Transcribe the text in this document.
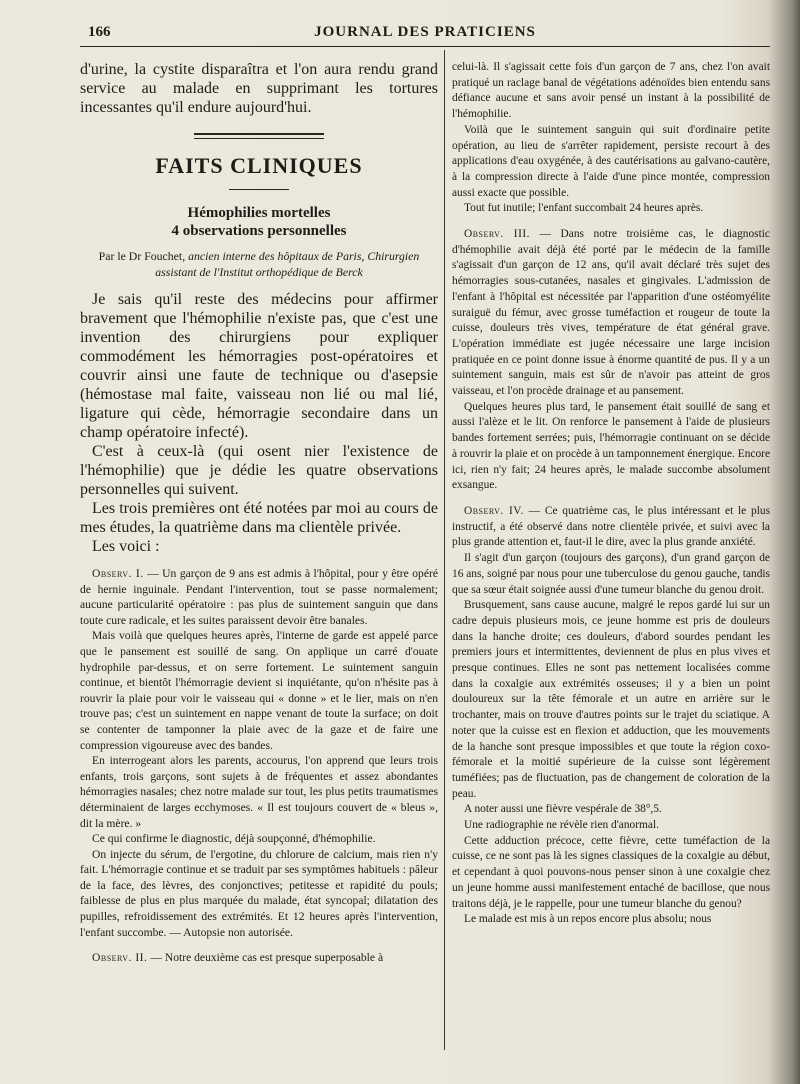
166	JOURNAL DES PRATICIENS

d'urine, la cystite disparaîtra et l'on aura rendu grand service au malade en supprimant les tortures incessantes qu'il endure aujourd'hui.

FAITS CLINIQUES

Hémophilies mortelles
4 observations personnelles

Par le Dr Fouchet, ancien interne des hôpitaux de Paris, Chirurgien assistant de l'Institut orthopédique de Berck

Je sais qu'il reste des médecins pour affirmer bravement que l'hémophilie n'existe pas, que c'est une invention des chirurgiens pour expliquer commodément les hémorragies post-opératoires et couvrir ainsi une faute de technique ou d'asepsie (hémostase mal faite, vaisseau non lié ou mal lié, ligature qui cède, hémorragie secondaire dans un champ opératoire infecté).

C'est à ceux-là (qui osent nier l'existence de l'hémophilie) que je dédie les quatre observations personnelles qui suivent.

Les trois premières ont été notées par moi au cours de mes études, la quatrième dans ma clientèle privée.

Les voici :

Observ. I. — Un garçon de 9 ans est admis à l'hôpital, pour y être opéré de hernie inguinale. Pendant l'intervention, tout se passe normalement; aucune particularité opératoire : pas plus de suintement sanguin que dans toute cure radicale, et les suites paraissent devoir être banales.

Mais voilà que quelques heures après, l'interne de garde est appelé parce que le pansement est souillé de sang. On applique un carré d'ouate hydrophile par-dessus, et on serre fortement. Le suintement sanguin continue, et bientôt l'hémorragie devient si inquiétante, qu'on n'hésite pas à rouvrir la plaie pour voir le vaisseau qui « donne » et le lier, mais on n'en trouve pas; c'est un suintement en nappe venant de toute la surface; on doit se contenter de tamponner la plaie avec de la gaze et de faire une compression vigoureuse avec des bandes.

En interrogeant alors les parents, accourus, l'on apprend que leurs trois enfants, trois garçons, sont sujets à de fréquentes et assez abondantes hémorragies nasales; chez notre malade sur tout, les plus petits traumatismes déterminaient de larges ecchymoses. « Il est toujours couvert de « bleus », dit la mère. »

Ce qui confirme le diagnostic, déjà soupçonné, d'hémophilie.

On injecte du sérum, de l'ergotine, du chlorure de calcium, mais rien n'y fait. L'hémorragie continue et se traduit par ses symptômes habituels : pâleur de la face, des lèvres, des conjonctives; petitesse et rapidité du pouls; faiblesse de plus en plus marquée du malade, état syncopal; dilatation des pupilles, refroidissement des extrémités. Et 12 heures après l'intervention, l'enfant succombe. — Autopsie non autorisée.

Observ. II. — Notre deuxième cas est presque superposable à

celui-là. Il s'agissait cette fois d'un garçon de 7 ans, chez l'on avait pratiqué un raclage banal de végétations adénoïdes bien entendu sans défiance aucune et sans avoir pensé un instant à la possibilité de l'hémophilie.

Voilà que le suintement sanguin qui suit d'ordinaire petite opération, au lieu de s'arrêter rapidement, persiste recourt à des applications d'eau oxygénée, à des cautérisations au galvano-cautère, à la compression directe à l'aide d'une pince montée, compression aussi exacte que possible.

Tout fut inutile; l'enfant succombait 24 heures après.

Observ. III. — Dans notre troisième cas, le diagnostic d'hémophilie avait déjà été porté par le médecin de la famille s'agissait d'un garçon de 12 ans, qu'il avait déclaré très sujet des hémorragies sous-cutanées, nasales et gingivales. L'admission de l'enfant à l'hôpital est nécessitée par l'apparition d'une ostéomyélite suraiguë du fémur, avec grosse tuméfaction et rougeur de toute la cuisse, douleurs très vives, température de état général grave. L'opération immédiate est jugée nécessaire une large incision pratiquée en ce point donne issue à énorme quantité de pus. Il y a un suintement sanguin, mais est sûr de n'avoir pas atteint de gros vaisseau, et l'on procède drainage et au pansement.

Quelques heures plus tard, le pansement était souillé de sang et aussi l'alèze et le lit. On renforce le pansement à l'aide de plusieurs bandes fortement serrées; puis, l'hémorragie continuant on se décide à rouvrir la plaie et on procède à un tamponnement énergique. Encore ici, rien n'y fait; 24 heures après, le malade succombe absolument exsangue.

Observ. IV. — Ce quatrième cas, le plus intéressant et le plus instructif, a été observé dans notre clientèle privée, et suivi avec la plus grande attention et, faut-il le dire, avec la plus grande anxiété.

Il s'agit d'un garçon (toujours des garçons), d'un grand garçon de 16 ans, soigné par nous pour une tuberculose du genou gauche, tandis que sa sœur était soignée aussi d'une tumeur blanche du genou droit.

Brusquement, sans cause aucune, malgré le repos gardé lui sur un cadre depuis plusieurs mois, ce jeune homme est pris de douleurs dans la hanche droite; ces douleurs, d'abord sourdes pendant les premiers jours et intermittentes, deviennent de plus en plus vives et presque continues. Elles ne sont pas nettement localisées comme dans la coxalgie aux extrémités osseuses; il y a bien un point douloureux sur la tête fémorale et un autre en arrière sur le trochanter, mais on trouve d'autres points sur le trajet du sciatique. A noter que la cuisse est en flexion et adduction, que les mouvements de la hanche sont presque impossibles et que toute la région coxo-fémorale et la moitié supérieure de la cuisse sont légèrement tuméfiées; pas de fluctuation, pas de changement de coloration de la peau.

A noter aussi une fièvre vespérale de 38°,5.

Une radiographie ne révèle rien d'anormal.

Cette adduction précoce, cette fièvre, cette tuméfaction de la cuisse, ce ne sont pas là les signes classiques de la coxalgie au début, et cependant à quoi pouvons-nous penser sinon à une coxalgie chez un jeune homme aussi manifestement entaché de bacillose, que nous traitons déjà, je le rappelle, pour une tumeur blanche du genou?

Le malade est mis à un repos encore plus absolu; nous
